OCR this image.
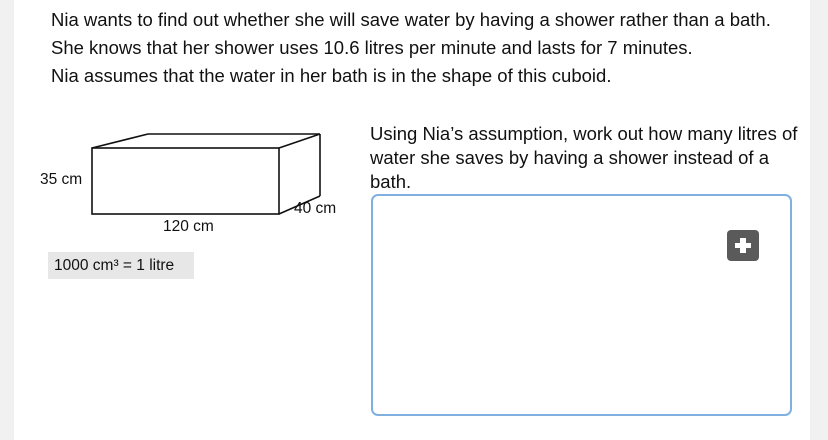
Nia wants to find out whether she will save water by having a shower rather than a bath.

She knows that her shower uses 10.6 litres per minute and lasts for 7 minutes.

Nia assumes that the water in her bath is in the shape of this cuboid.

35 cm
120 cm
40 cm
1000 cm³ = 1 litre
Using Nia’s assumption, work out how many litres of water she saves by having a shower instead of a bath.
